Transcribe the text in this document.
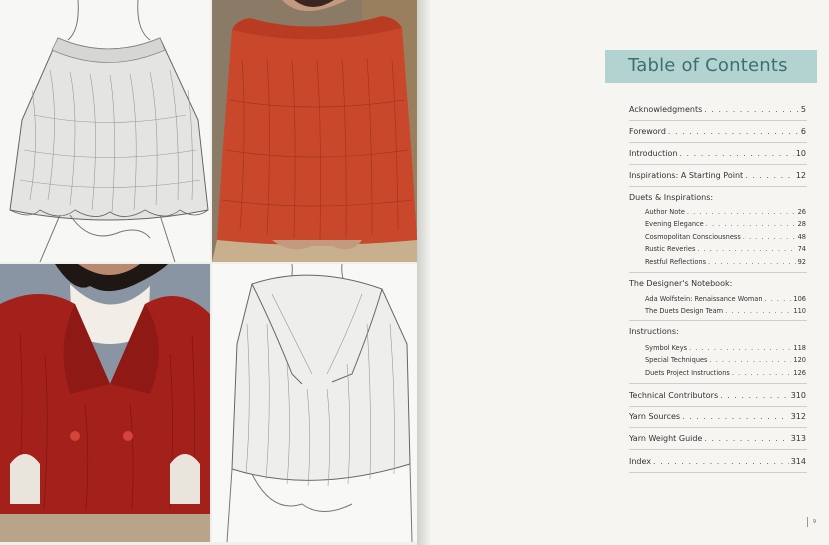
Table of Contents
Acknowledgments . . .	5
Foreword . . .	6
Introduction . . .	10
Inspirations: A Starting Point . . .	12
Duets & Inspirations:
Author Note . . .	26
Evening Elegance . . .	28
Cosmopolitan Consciousness . . .	48
Rustic Reveries . . .	74
Restful Reflections . . .	92
The Designer's Notebook:
Ada Wolfstein: Renaissance Woman . . .	106
The Duets Design Team . . .	110
Instructions:
Symbol Keys . . .	118
Special Techniques . . .	120
Duets Project Instructions . . .	126
Technical Contributors . . .	310
Yarn Sources . . .	312
Yarn Weight Guide . . .	313
Index . . .	314
9
